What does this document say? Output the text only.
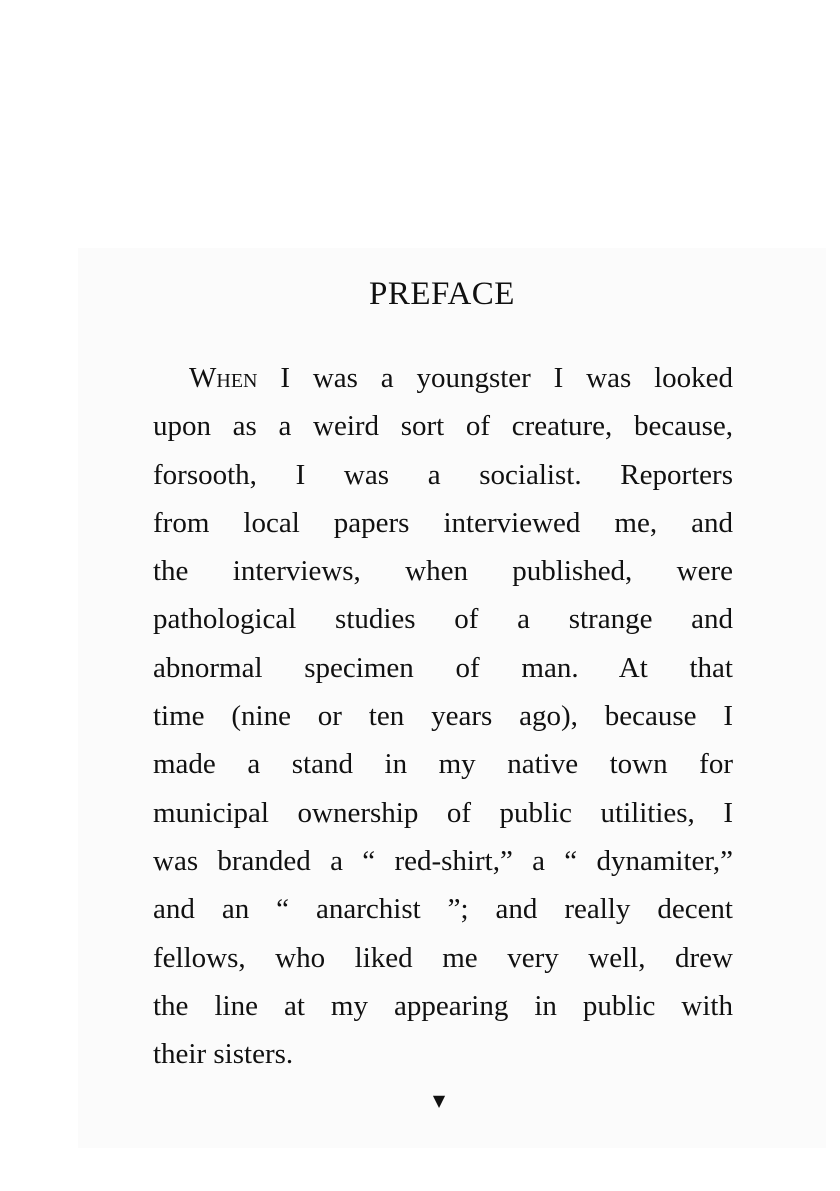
PREFACE
When I was a youngster I was looked
upon as a weird sort of creature, because,
forsooth, I was a socialist. Reporters
from local papers interviewed me, and
the interviews, when published, were
pathological studies of a strange and
abnormal specimen of man. At that
time (nine or ten years ago), because I
made a stand in my native town for
municipal ownership of public utilities, I
was branded a “ red-shirt,” a “ dynamiter,”
and an “ anarchist ”; and really decent
fellows, who liked me very well, drew
the line at my appearing in public with
their sisters.
▼
